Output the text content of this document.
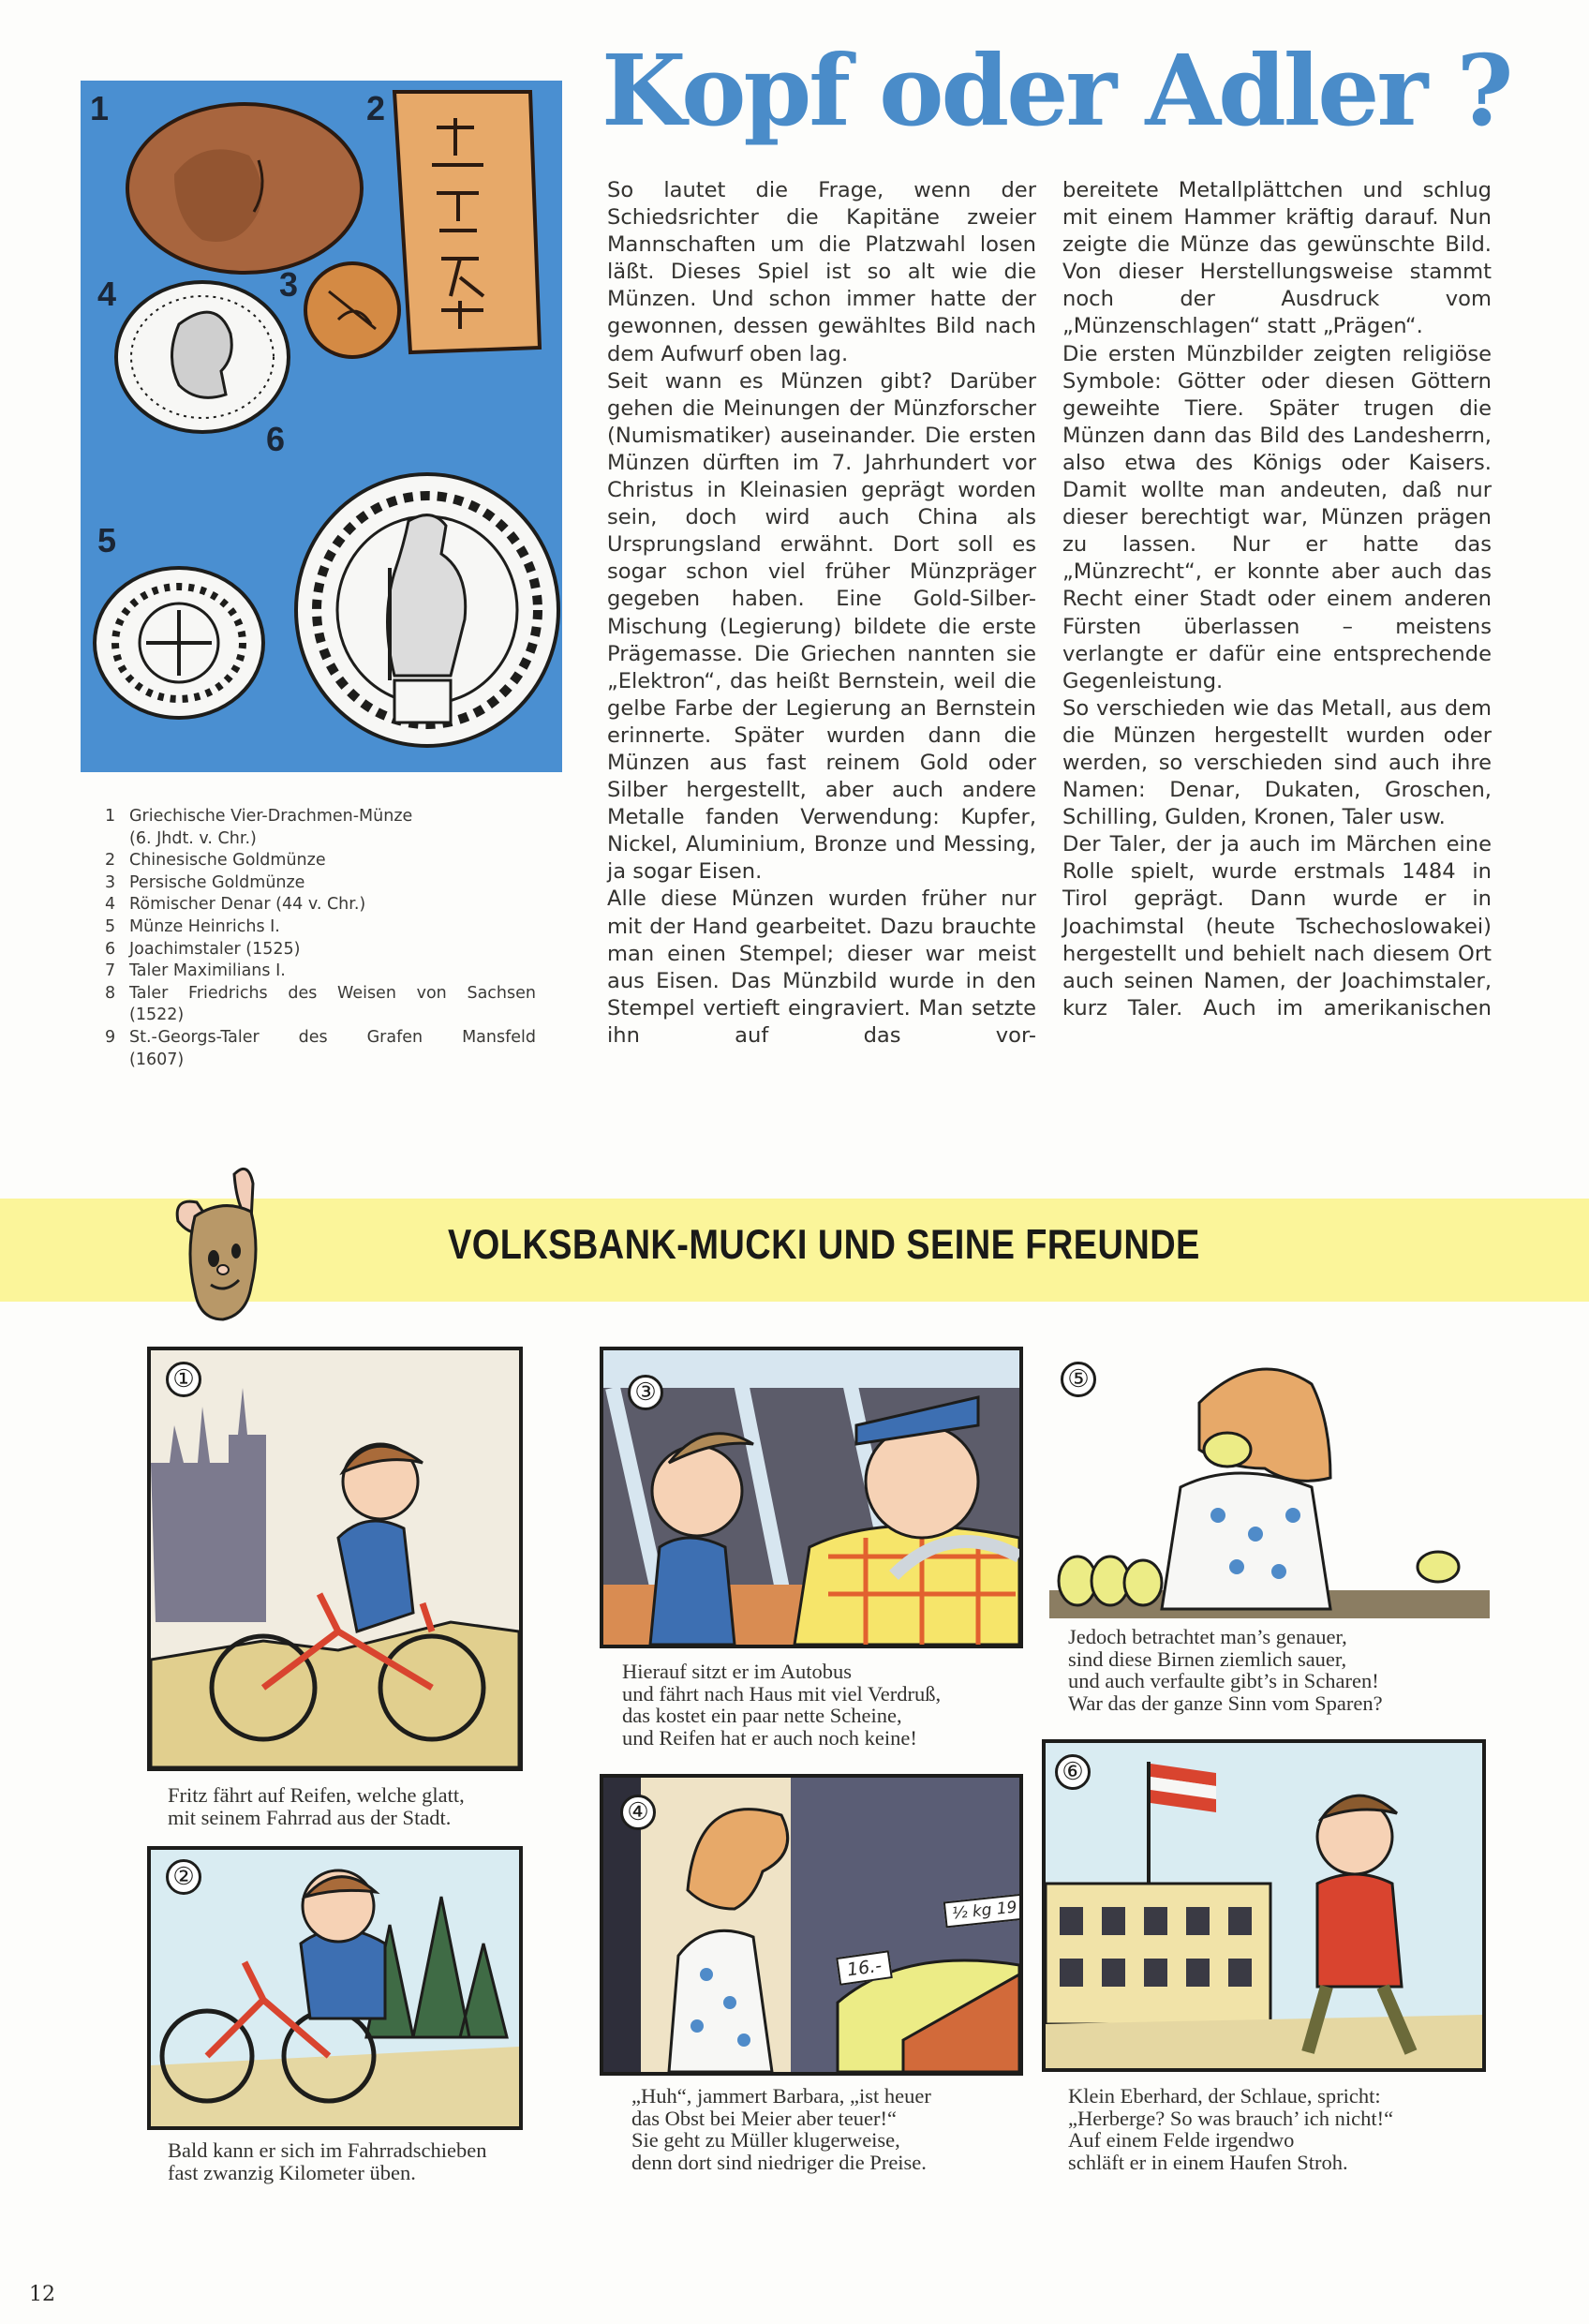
1	2
3
4
5
6
1 Griechische Vier-Drachmen-Münze
(6. Jhdt. v. Chr.)
2 Chinesische Goldmünze
3 Persische Goldmünze
4 Römischer Denar (44 v. Chr.)
5 Münze Heinrichs I.
6 Joachimstaler (1525)
7 Taler Maximilians I.
8 Taler Friedrichs des Weisen von Sachsen
(1522)
9 St.-Georgs-Taler des Grafen Mansfeld
(1607)
Kopf oder Adler ?

So lautet die Frage, wenn der Schiedsrichter die Kapitäne zweier Mannschaften um die Platzwahl losen läßt. Dieses Spiel ist so alt wie die Münzen. Und schon immer hatte der gewonnen, dessen gewähltes Bild nach dem Aufwurf oben lag.

Seit wann es Münzen gibt? Darüber gehen die Meinungen der Münzforscher (Numismatiker) auseinander. Die ersten Münzen dürften im 7. Jahrhundert vor Christus in Kleinasien geprägt worden sein, doch wird auch China als Ursprungsland erwähnt. Dort soll es sogar schon viel früher Münzpräger gegeben haben. Eine Gold-Silber-Mischung (Legierung) bildete die erste Prägemasse. Die Griechen nannten sie „Elektron“, das heißt Bernstein, weil die gelbe Farbe der Legierung an Bernstein erinnerte. Später wurden dann die Münzen aus fast reinem Gold oder Silber hergestellt, aber auch andere Metalle fanden Verwendung: Kupfer, Nickel, Aluminium, Bronze und Messing, ja sogar Eisen.

Alle diese Münzen wurden früher nur mit der Hand gearbeitet. Dazu brauchte man einen Stempel; dieser war meist aus Eisen. Das Münzbild wurde in den Stempel vertieft eingraviert. Man setzte ihn auf das vor-

bereitete Metallplättchen und schlug mit einem Hammer kräftig darauf. Nun zeigte die Münze das gewünschte Bild. Von dieser Herstellungsweise stammt noch der Ausdruck vom „Münzenschlagen“ statt „Prägen“.

Die ersten Münzbilder zeigten religiöse Symbole: Götter oder diesen Göttern geweihte Tiere. Später trugen die Münzen dann das Bild des Landesherrn, also etwa des Königs oder Kaisers. Damit wollte man andeuten, daß nur dieser berechtigt war, Münzen prägen zu lassen. Nur er hatte das „Münzrecht“, er konnte aber auch das Recht einer Stadt oder einem anderen Fürsten überlassen – meistens verlangte er dafür eine entsprechende Gegenleistung.

So verschieden wie das Metall, aus dem die Münzen hergestellt wurden oder werden, so verschieden sind auch ihre Namen: Denar, Dukaten, Groschen, Schilling, Gulden, Kronen, Taler usw.

Der Taler, der ja auch im Märchen eine Rolle spielt, wurde erstmals 1484 in Tirol geprägt. Dann wurde er in Joachimstal (heute Tschechoslowakei) hergestellt und behielt nach diesem Ort auch seinen Namen, der Joachimstaler, kurz Taler. Auch im amerikanischen

VOLKSBANK-MUCKI UND SEINE FREUNDE
①
Fritz fährt auf Reifen, welche glatt,
mit seinem Fahrrad aus der Stadt.
②
Bald kann er sich im Fahrradschieben
fast zwanzig Kilometer üben.
③
Hierauf sitzt er im Autobus
und fährt nach Haus mit viel Verdruß,
das kostet ein paar nette Scheine,
und Reifen hat er auch noch keine!
16.-
½ kg 19
④
„Huh“, jammert Barbara, „ist heuer
das Obst bei Meier aber teuer!“
Sie geht zu Müller klugerweise,
denn dort sind niedriger die Preise.
⑤
Jedoch betrachtet man’s genauer,
sind diese Birnen ziemlich sauer,
und auch verfaulte gibt’s in Scharen!
War das der ganze Sinn vom Sparen?
⑥
Klein Eberhard, der Schlaue, spricht:
„Herberge? So was brauch’ ich nicht!“
Auf einem Felde irgendwo
schläft er in einem Haufen Stroh.
12
